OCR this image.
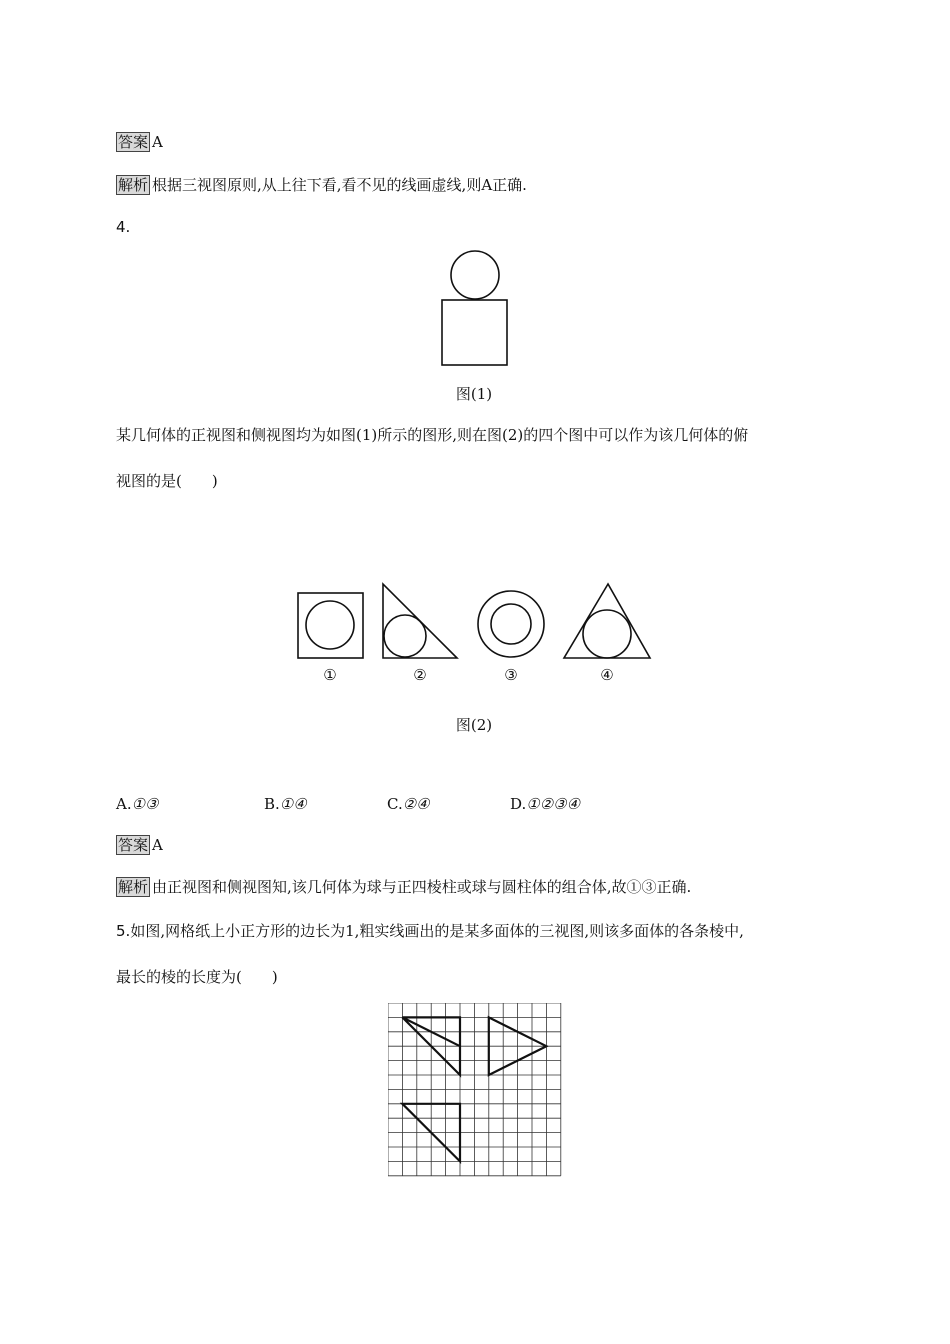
答案 A
解析 根据三视图原则,从上往下看,看不见的线画虚线,则A正确.
4.
图(1)
某几何体的正视图和侧视图均为如图(1)所示的图形,则在图(2)的四个图中可以作为该几何体的俯
视图的是(　　)
①	②	③	④
图(2)
A.①③	B.①④	C.②④	D.①②③④
答案 A
解析 由正视图和侧视图知,该几何体为球与正四棱柱或球与圆柱体的组合体,故①③正确.
5.如图,网格纸上小正方形的边长为1,粗实线画出的是某多面体的三视图,则该多面体的各条棱中,
最长的棱的长度为(　　)
